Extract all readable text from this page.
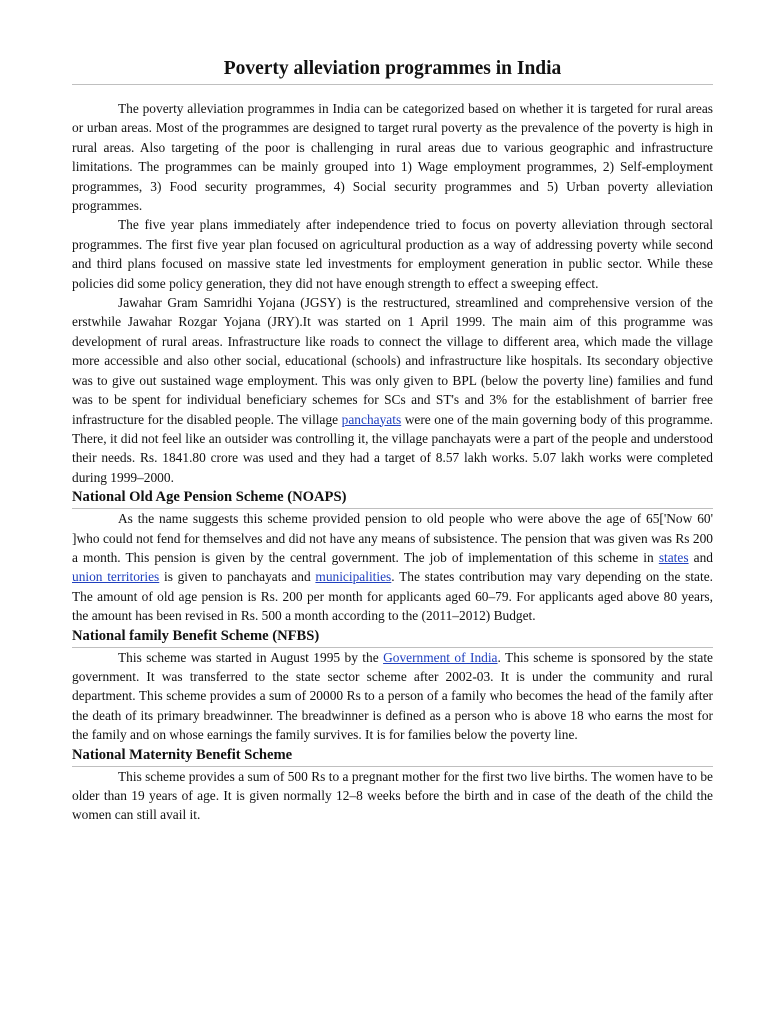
Poverty alleviation programmes in India

The poverty alleviation programmes in India can be categorized based on whether it is targeted for rural areas or urban areas. Most of the programmes are designed to target rural poverty as the prevalence of the poverty is high in rural areas. Also targeting of the poor is challenging in rural areas due to various geographic and infrastructure limitations. The programmes can be mainly grouped into 1) Wage employment programmes, 2) Self-employment programmes, 3) Food security programmes, 4) Social security programmes and 5) Urban poverty alleviation programmes.

The five year plans immediately after independence tried to focus on poverty alleviation through sectoral programmes. The first five year plan focused on agricultural production as a way of addressing poverty while second and third plans focused on massive state led investments for employment generation in public sector. While these policies did some policy generation, they did not have enough strength to effect a sweeping effect.

Jawahar Gram Samridhi Yojana (JGSY) is the restructured, streamlined and comprehensive version of the erstwhile Jawahar Rozgar Yojana (JRY).It was started on 1 April 1999. The main aim of this programme was development of rural areas. Infrastructure like roads to connect the village to different area, which made the village more accessible and also other social, educational (schools) and infrastructure like hospitals. Its secondary objective was to give out sustained wage employment. This was only given to BPL (below the poverty line) families and fund was to be spent for individual beneficiary schemes for SCs and ST's and 3% for the establishment of barrier free infrastructure for the disabled people. The village panchayats were one of the main governing body of this programme. There, it did not feel like an outsider was controlling it, the village panchayats were a part of the people and understood their needs. Rs. 1841.80 crore was used and they had a target of 8.57 lakh works. 5.07 lakh works were completed during 1999–2000.

National Old Age Pension Scheme (NOAPS)

As the name suggests this scheme provided pension to old people who were above the age of 65['Now 60' ]who could not fend for themselves and did not have any means of subsistence. The pension that was given was Rs 200 a month. This pension is given by the central government. The job of implementation of this scheme in states and union territories is given to panchayats and municipalities. The states contribution may vary depending on the state. The amount of old age pension is Rs. 200 per month for applicants aged 60–79. For applicants aged above 80 years, the amount has been revised in Rs. 500 a month according to the (2011–2012) Budget.

National family Benefit Scheme (NFBS)

This scheme was started in August 1995 by the Government of India. This scheme is sponsored by the state government. It was transferred to the state sector scheme after 2002-03. It is under the community and rural department. This scheme provides a sum of 20000 Rs to a person of a family who becomes the head of the family after the death of its primary breadwinner. The breadwinner is defined as a person who is above 18 who earns the most for the family and on whose earnings the family survives. It is for families below the poverty line.

National Maternity Benefit Scheme

This scheme provides a sum of 500 Rs to a pregnant mother for the first two live births. The women have to be older than 19 years of age. It is given normally 12–8 weeks before the birth and in case of the death of the child the women can still avail it.
